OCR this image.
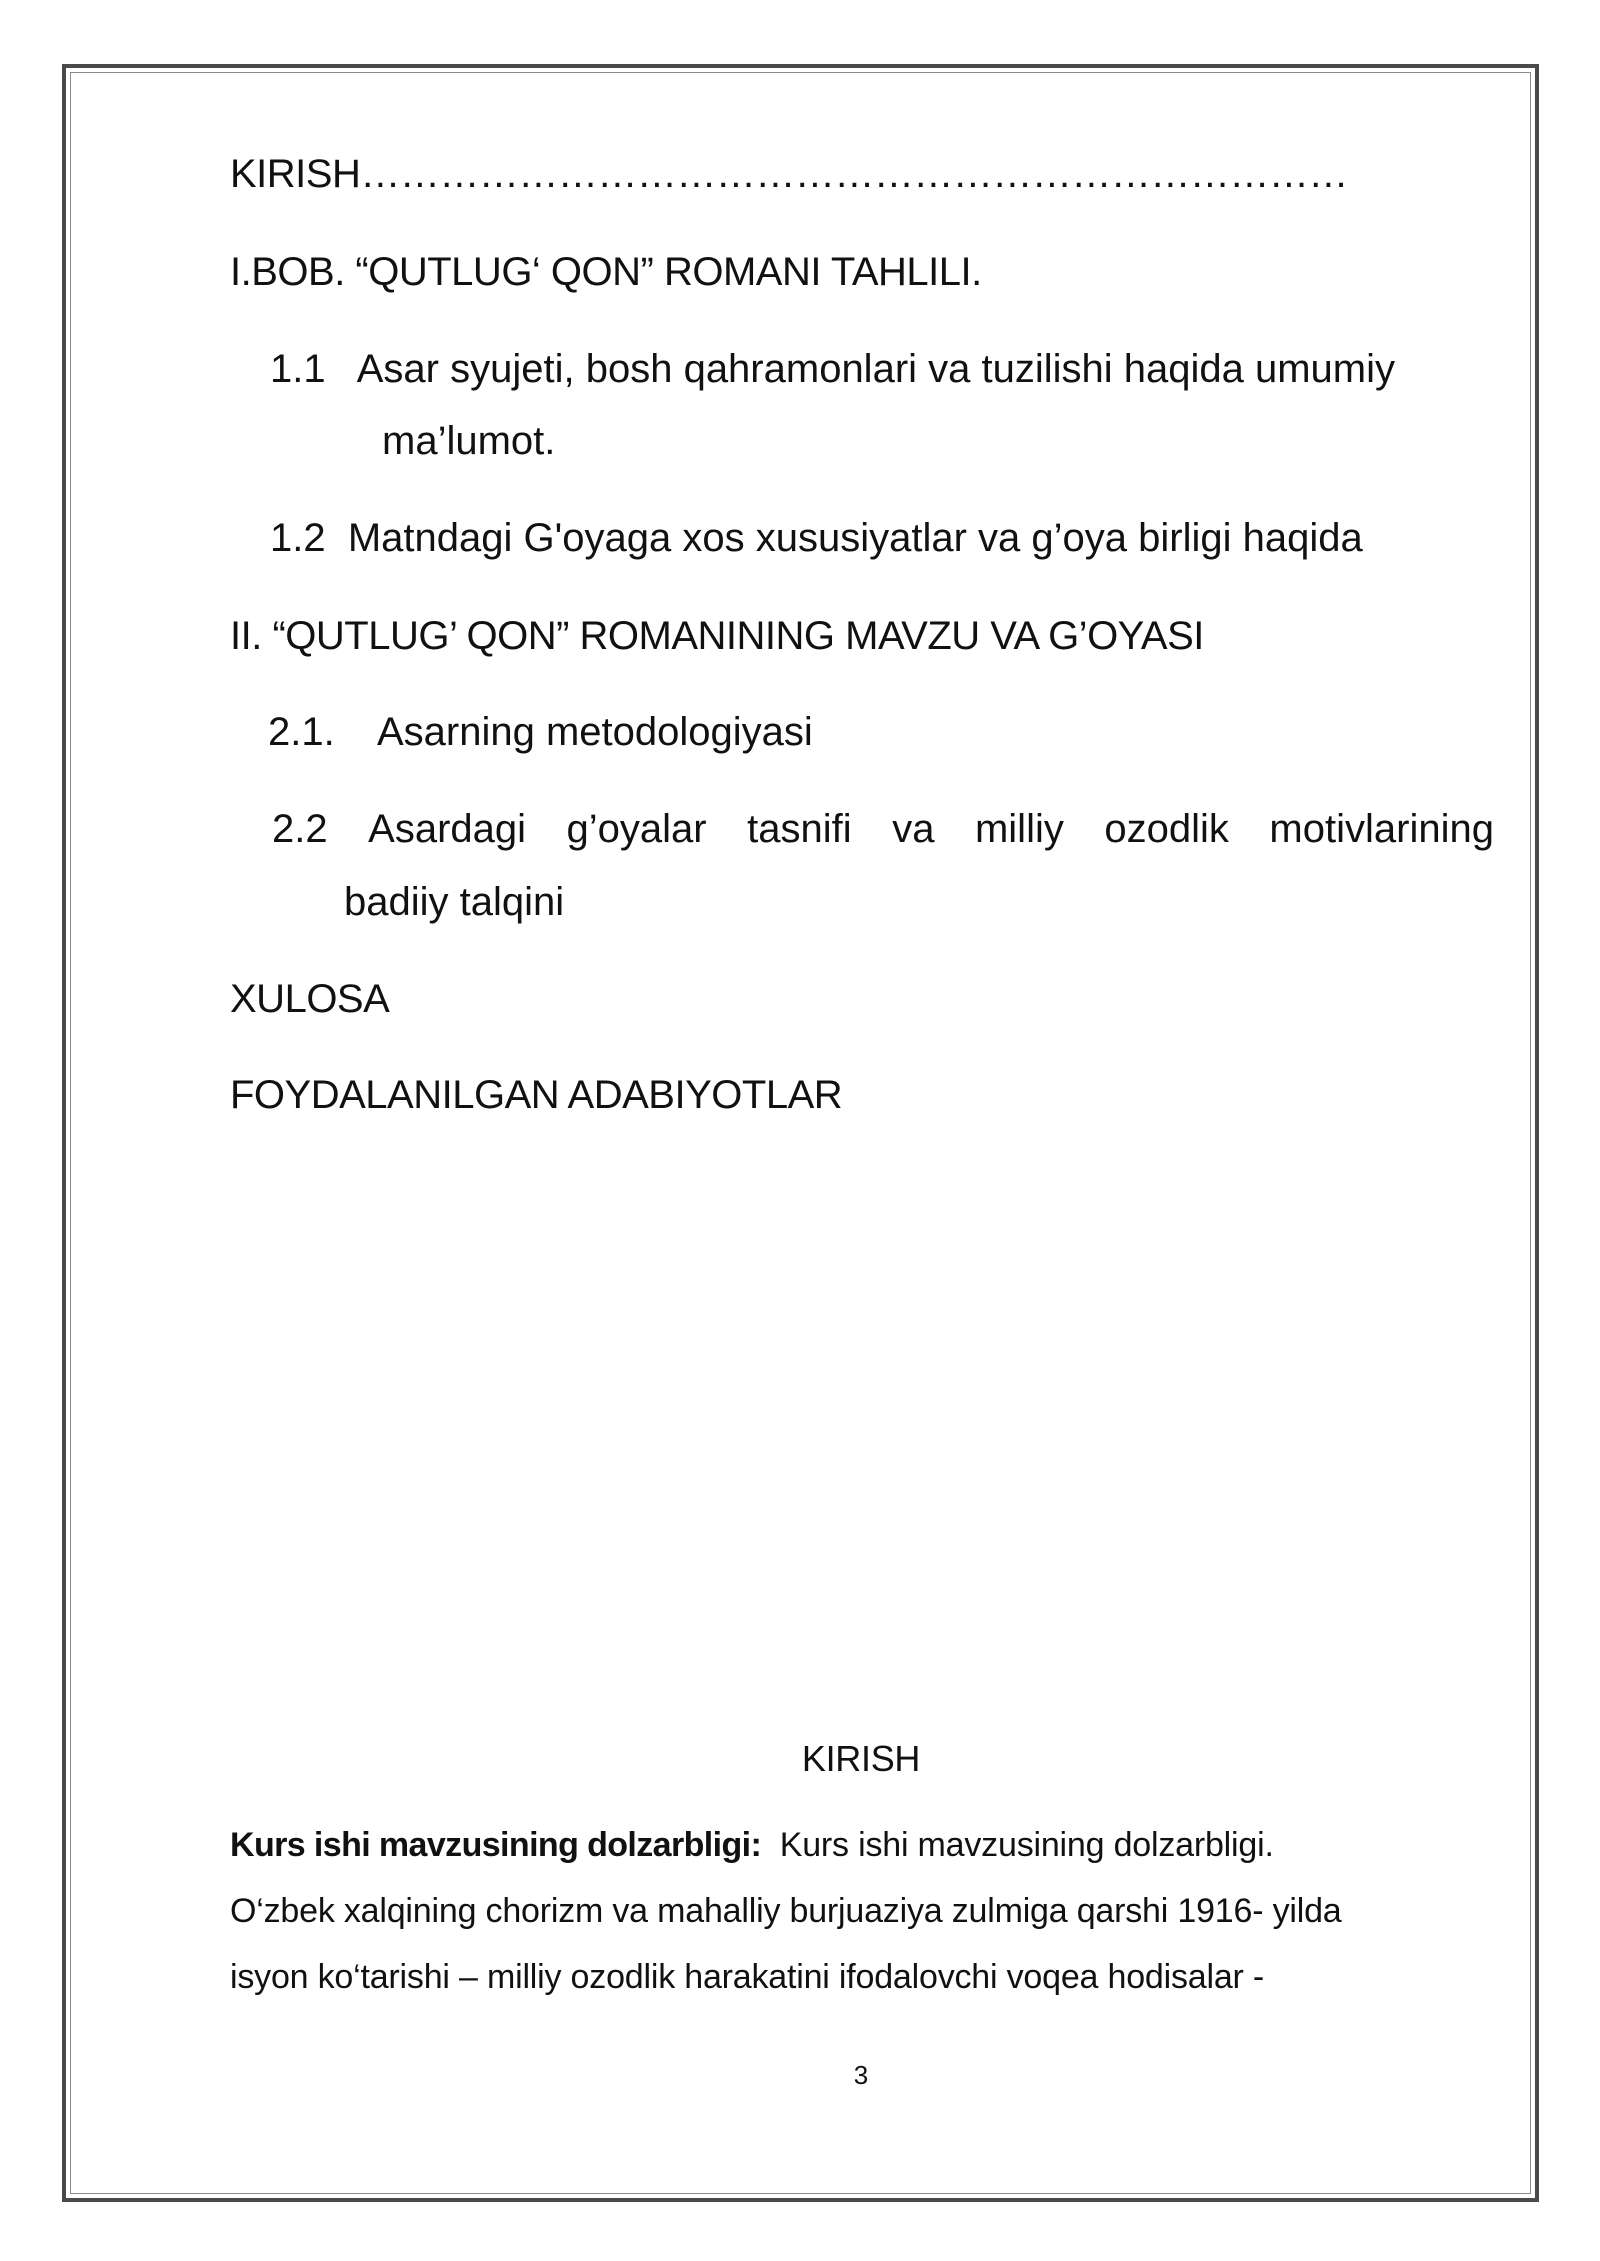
KIRISH…………………………………………………………………
I.BOB. “QUTLUG‘ QON” ROMANI TAHLILI.
1.1 Asar syujeti, bosh qahramonlari va tuzilishi haqida umumiy
ma’lumot.
1.2 Matndagi G'oyaga xos xususiyatlar va g’oya birligi haqida
II. “QUTLUG’ QON” ROMANINING MAVZU VA G’OYASI
2.1. Asarning metodologiyasi
2.2 Asardagi g’oyalar tasnifi va milliy ozodlik motivlarining
badiiy talqini
XULOSA
FOYDALANILGAN ADABIYOTLAR
KIRISH
Kurs ishi mavzusining dolzarbligi: Kurs ishi mavzusining dolzarbligi.
O‘zbek xalqining chorizm va mahalliy burjuaziya zulmiga qarshi 1916- yilda
isyon ko‘tarishi – milliy ozodlik harakatini ifodalovchi voqea hodisalar -
3
